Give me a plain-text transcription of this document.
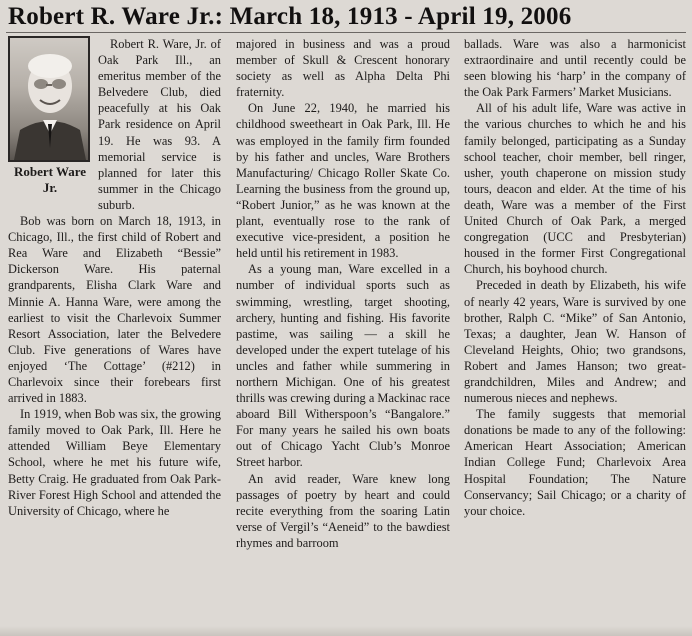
Robert R. Ware Jr.: March 18, 1913 - April 19, 2006
Robert Ware Jr.

Robert R. Ware, Jr. of Oak Park Ill., an emeritus member of the Belvedere Club, died peacefully at his Oak Park residence on April 19. He was 93. A memorial service is planned for later this summer in the Chicago suburb.

Bob was born on March 18, 1913, in Chicago, Ill., the first child of Robert and Rea Ware and Elizabeth “Bessie” Dickerson Ware. His paternal grandparents, Elisha Clark Ware and Minnie A. Hanna Ware, were among the earliest to visit the Charlevoix Summer Resort Association, later the Belvedere Club. Five generations of Wares have enjoyed ‘The Cottage’ (#212) in Charlevoix since their forebears first arrived in 1883.

In 1919, when Bob was six, the growing family moved to Oak Park, Ill. Here he attended William Beye Elementary School, where he met his future wife, Betty Craig. He graduated from Oak Park-River Forest High School and attended the University of Chicago, where he

majored in business and was a proud member of Skull & Crescent honorary society as well as Alpha Delta Phi fraternity.

On June 22, 1940, he married his childhood sweetheart in Oak Park, Ill. He was employed in the family firm founded by his father and uncles, Ware Brothers Manufacturing/ Chicago Roller Skate Co. Learning the business from the ground up, “Robert Junior,” as he was known at the plant, eventually rose to the rank of executive vice-president, a position he held until his retirement in 1983.

As a young man, Ware excelled in a number of individual sports such as swimming, wrestling, target shooting, archery, hunting and fishing. His favorite pastime, was sailing — a skill he developed under the expert tutelage of his uncles and father while summering in northern Michigan. One of his greatest thrills was crewing during a Mackinac race aboard Bill Witherspoon’s “Bangalore.” For many years he sailed his own boats out of Chicago Yacht Club’s Monroe Street harbor.

An avid reader, Ware knew long passages of poetry by heart and could recite everything from the soaring Latin verse of Vergil’s “Aeneid” to the bawdiest rhymes and barroom

ballads. Ware was also a harmonicist extraordinaire and until recently could be seen blowing his ‘harp’ in the company of the Oak Park Farmers’ Market Musicians.

All of his adult life, Ware was active in the various churches to which he and his family belonged, participating as a Sunday school teacher, choir member, bell ringer, usher, youth chaperone on mission study tours, deacon and elder. At the time of his death, Ware was a member of the First United Church of Oak Park, a merged congregation (UCC and Presbyterian) housed in the former First Congregational Church, his boyhood church.

Preceded in death by Elizabeth, his wife of nearly 42 years, Ware is survived by one brother, Ralph C. “Mike” of San Antonio, Texas; a daughter, Jean W. Hanson of Cleveland Heights, Ohio; two grandsons, Robert and James Hanson; two great-grandchildren, Miles and Andrew; and numerous nieces and nephews.

The family suggests that memorial donations be made to any of the following: American Heart Association; American Indian College Fund; Charlevoix Area Hospital Foundation; The Nature Conservancy; Sail Chicago; or a charity of your choice.
